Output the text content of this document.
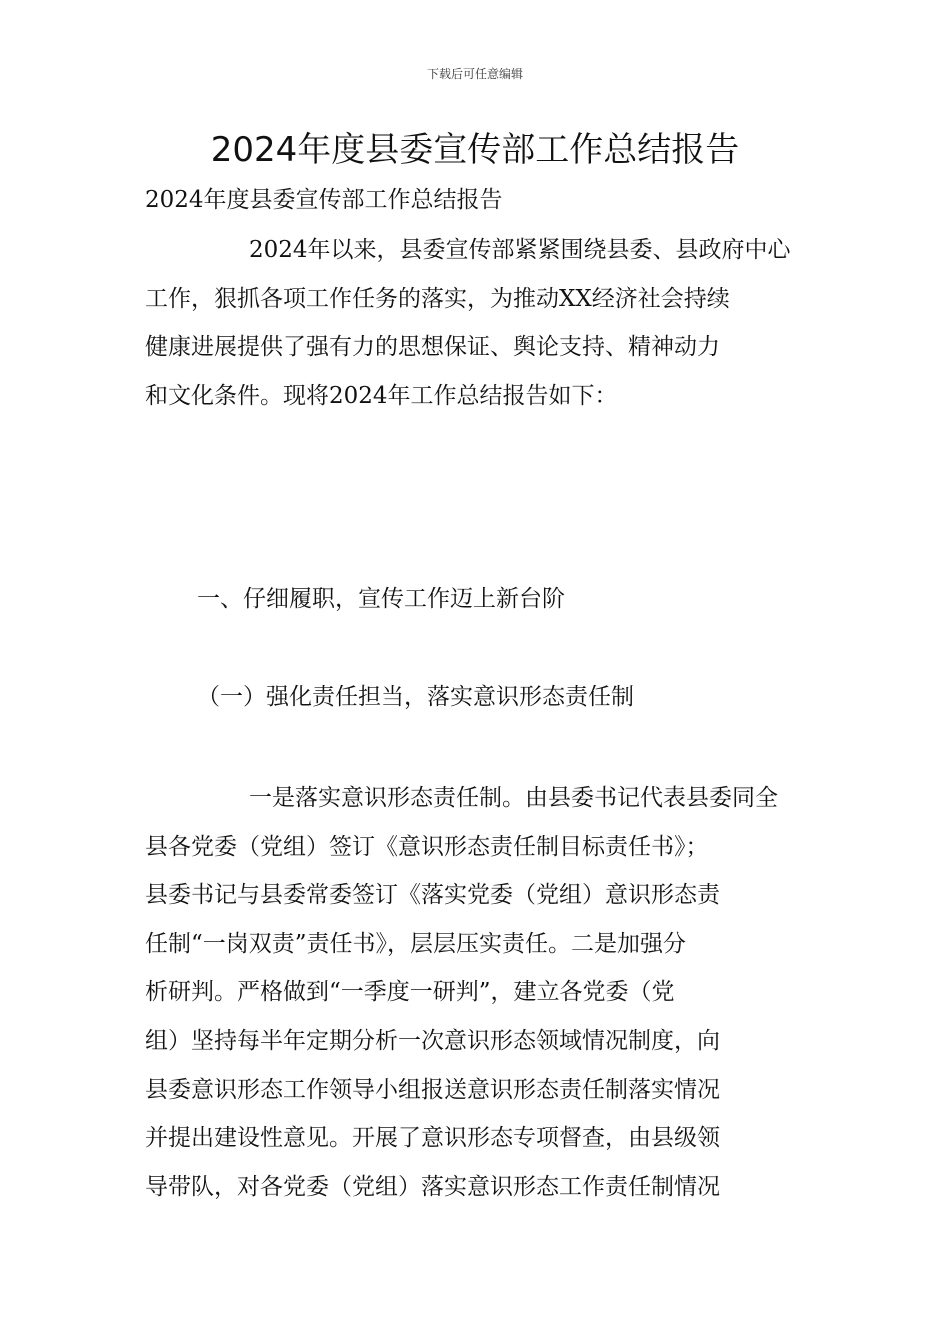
下载后可任意编辑
2024年度县委宣传部工作总结报告

2024年度县委宣传部工作总结报告

2024年以来，县委宣传部紧紧围绕县委、县政府中心
工作，狠抓各项工作任务的落实，为推动XX经济社会持续
健康进展提供了强有力的思想保证、舆论支持、精神动力
和文化条件。现将2024年工作总结报告如下：

一、仔细履职，宣传工作迈上新台阶

（一）强化责任担当，落实意识形态责任制

一是落实意识形态责任制。由县委书记代表县委同全
县各党委（党组）签订《意识形态责任制目标责任书》；
县委书记与县委常委签订《落实党委（党组）意识形态责
任制“一岗双责”责任书》，层层压实责任。二是加强分
析研判。严格做到“一季度一研判”，建立各党委（党
组）坚持每半年定期分析一次意识形态领域情况制度，向
县委意识形态工作领导小组报送意识形态责任制落实情况
并提出建设性意见。开展了意识形态专项督查，由县级领
导带队，对各党委（党组）落实意识形态工作责任制情况
